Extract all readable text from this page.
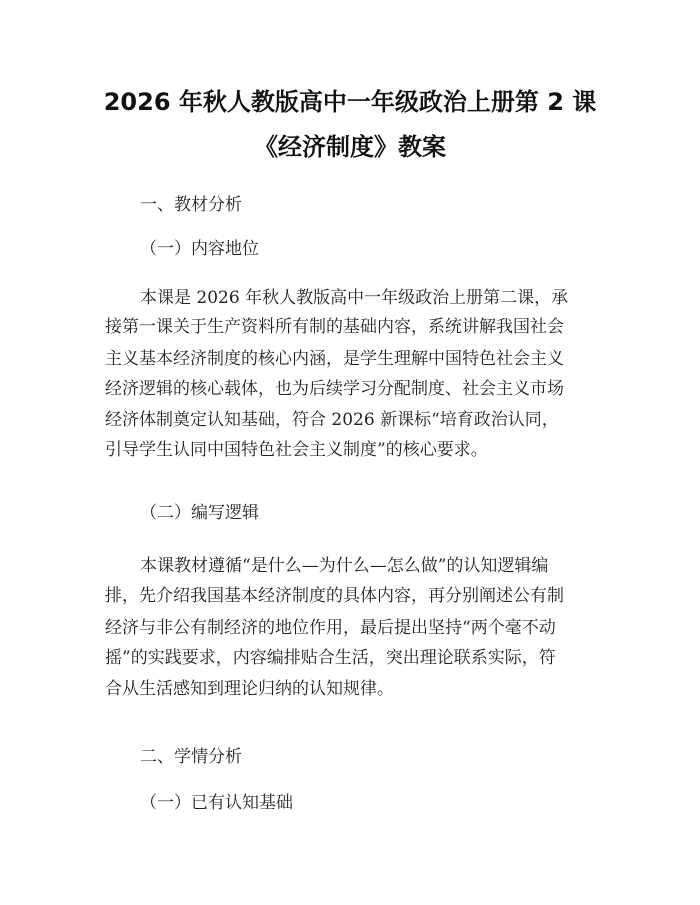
2026 年秋人教版高中一年级政治上册第 2 课
《经济制度》教案
一、教材分析
（一）内容地位
本课是 2026 年秋人教版高中一年级政治上册第二课，承
接第一课关于生产资料所有制的基础内容，系统讲解我国社会
主义基本经济制度的核心内涵，是学生理解中国特色社会主义
经济逻辑的核心载体，也为后续学习分配制度、社会主义市场
经济体制奠定认知基础，符合 2026 新课标“培育政治认同，
引导学生认同中国特色社会主义制度”的核心要求。
（二）编写逻辑
本课教材遵循“是什么—为什么—怎么做”的认知逻辑编
排，先介绍我国基本经济制度的具体内容，再分别阐述公有制
经济与非公有制经济的地位作用，最后提出坚持“两个毫不动
摇”的实践要求，内容编排贴合生活，突出理论联系实际，符
合从生活感知到理论归纳的认知规律。
二、学情分析
（一）已有认知基础
